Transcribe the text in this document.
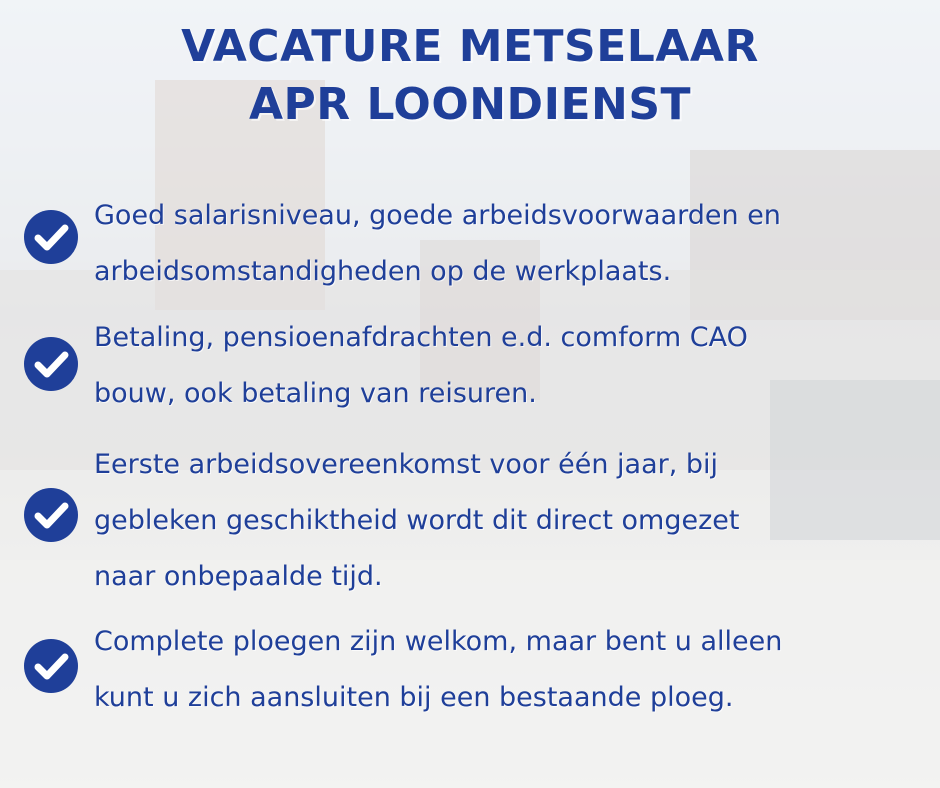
VACATURE METSELAAR
APR LOONDIENST
Goed salarisniveau, goede arbeidsvoorwaarden en
arbeidsomstandigheden op de werkplaats.
Betaling, pensioenafdrachten e.d. comform CAO
bouw, ook betaling van reisuren.
Eerste arbeidsovereenkomst voor één jaar, bij
gebleken geschiktheid wordt dit direct omgezet
naar onbepaalde tijd.
Complete ploegen zijn welkom, maar bent u alleen
kunt u zich aansluiten bij een bestaande ploeg.
